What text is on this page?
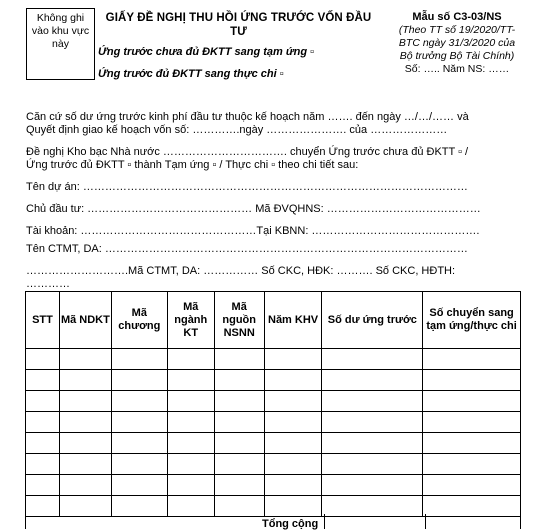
Không ghi
vào khu vực
này
GIẤY ĐỀ NGHỊ THU HỒI ỨNG TRƯỚC VỐN ĐẦU
TƯ
Ứng trước chưa đủ ĐKTT sang tạm ứng ▫
Ứng trước đủ ĐKTT sang thực chi ▫
Mẫu số C3-03/NS
(Theo TT số 19/2020/TT-
BTC ngày 31/3/2020 của
Bộ trưởng Bộ Tài Chính)
Số: ….. Năm NS: ……
Căn cứ số dư ứng trước kinh phí đầu tư thuộc kế hoạch năm ……. đến ngày …/…/…… và
Quyết định giao kế hoạch vốn số: ………….ngày …………………. của …………………
Đề nghị Kho bạc Nhà nước ……………………………. chuyển Ứng trước chưa đủ ĐKTT ▫ /
Ứng trước đủ ĐKTT ▫ thành Tạm ứng ▫ / Thực chi ▫ theo chi tiết sau:
Tên dự án: ……………………………………………………………………………………………
Chủ đầu tư: ……………………………………… Mã ĐVQHNS: ……………………………………
Tài khoản: …………………………………………Tại KBNN: ……………………………………….
Tên CTMT, DA: ………………………………………………………………………………………
……………………….Mã CTMT, DA: …………… Số CKC, HĐK: ………. Số CKC, HĐTH:
…………
STT	Mã NDKT	Mã chương	Mã ngành KT	Mã nguồn NSNN	Năm KHV	Số dư ứng trước	Số chuyển sang tạm ứng/thực chi

Tổng cộng
